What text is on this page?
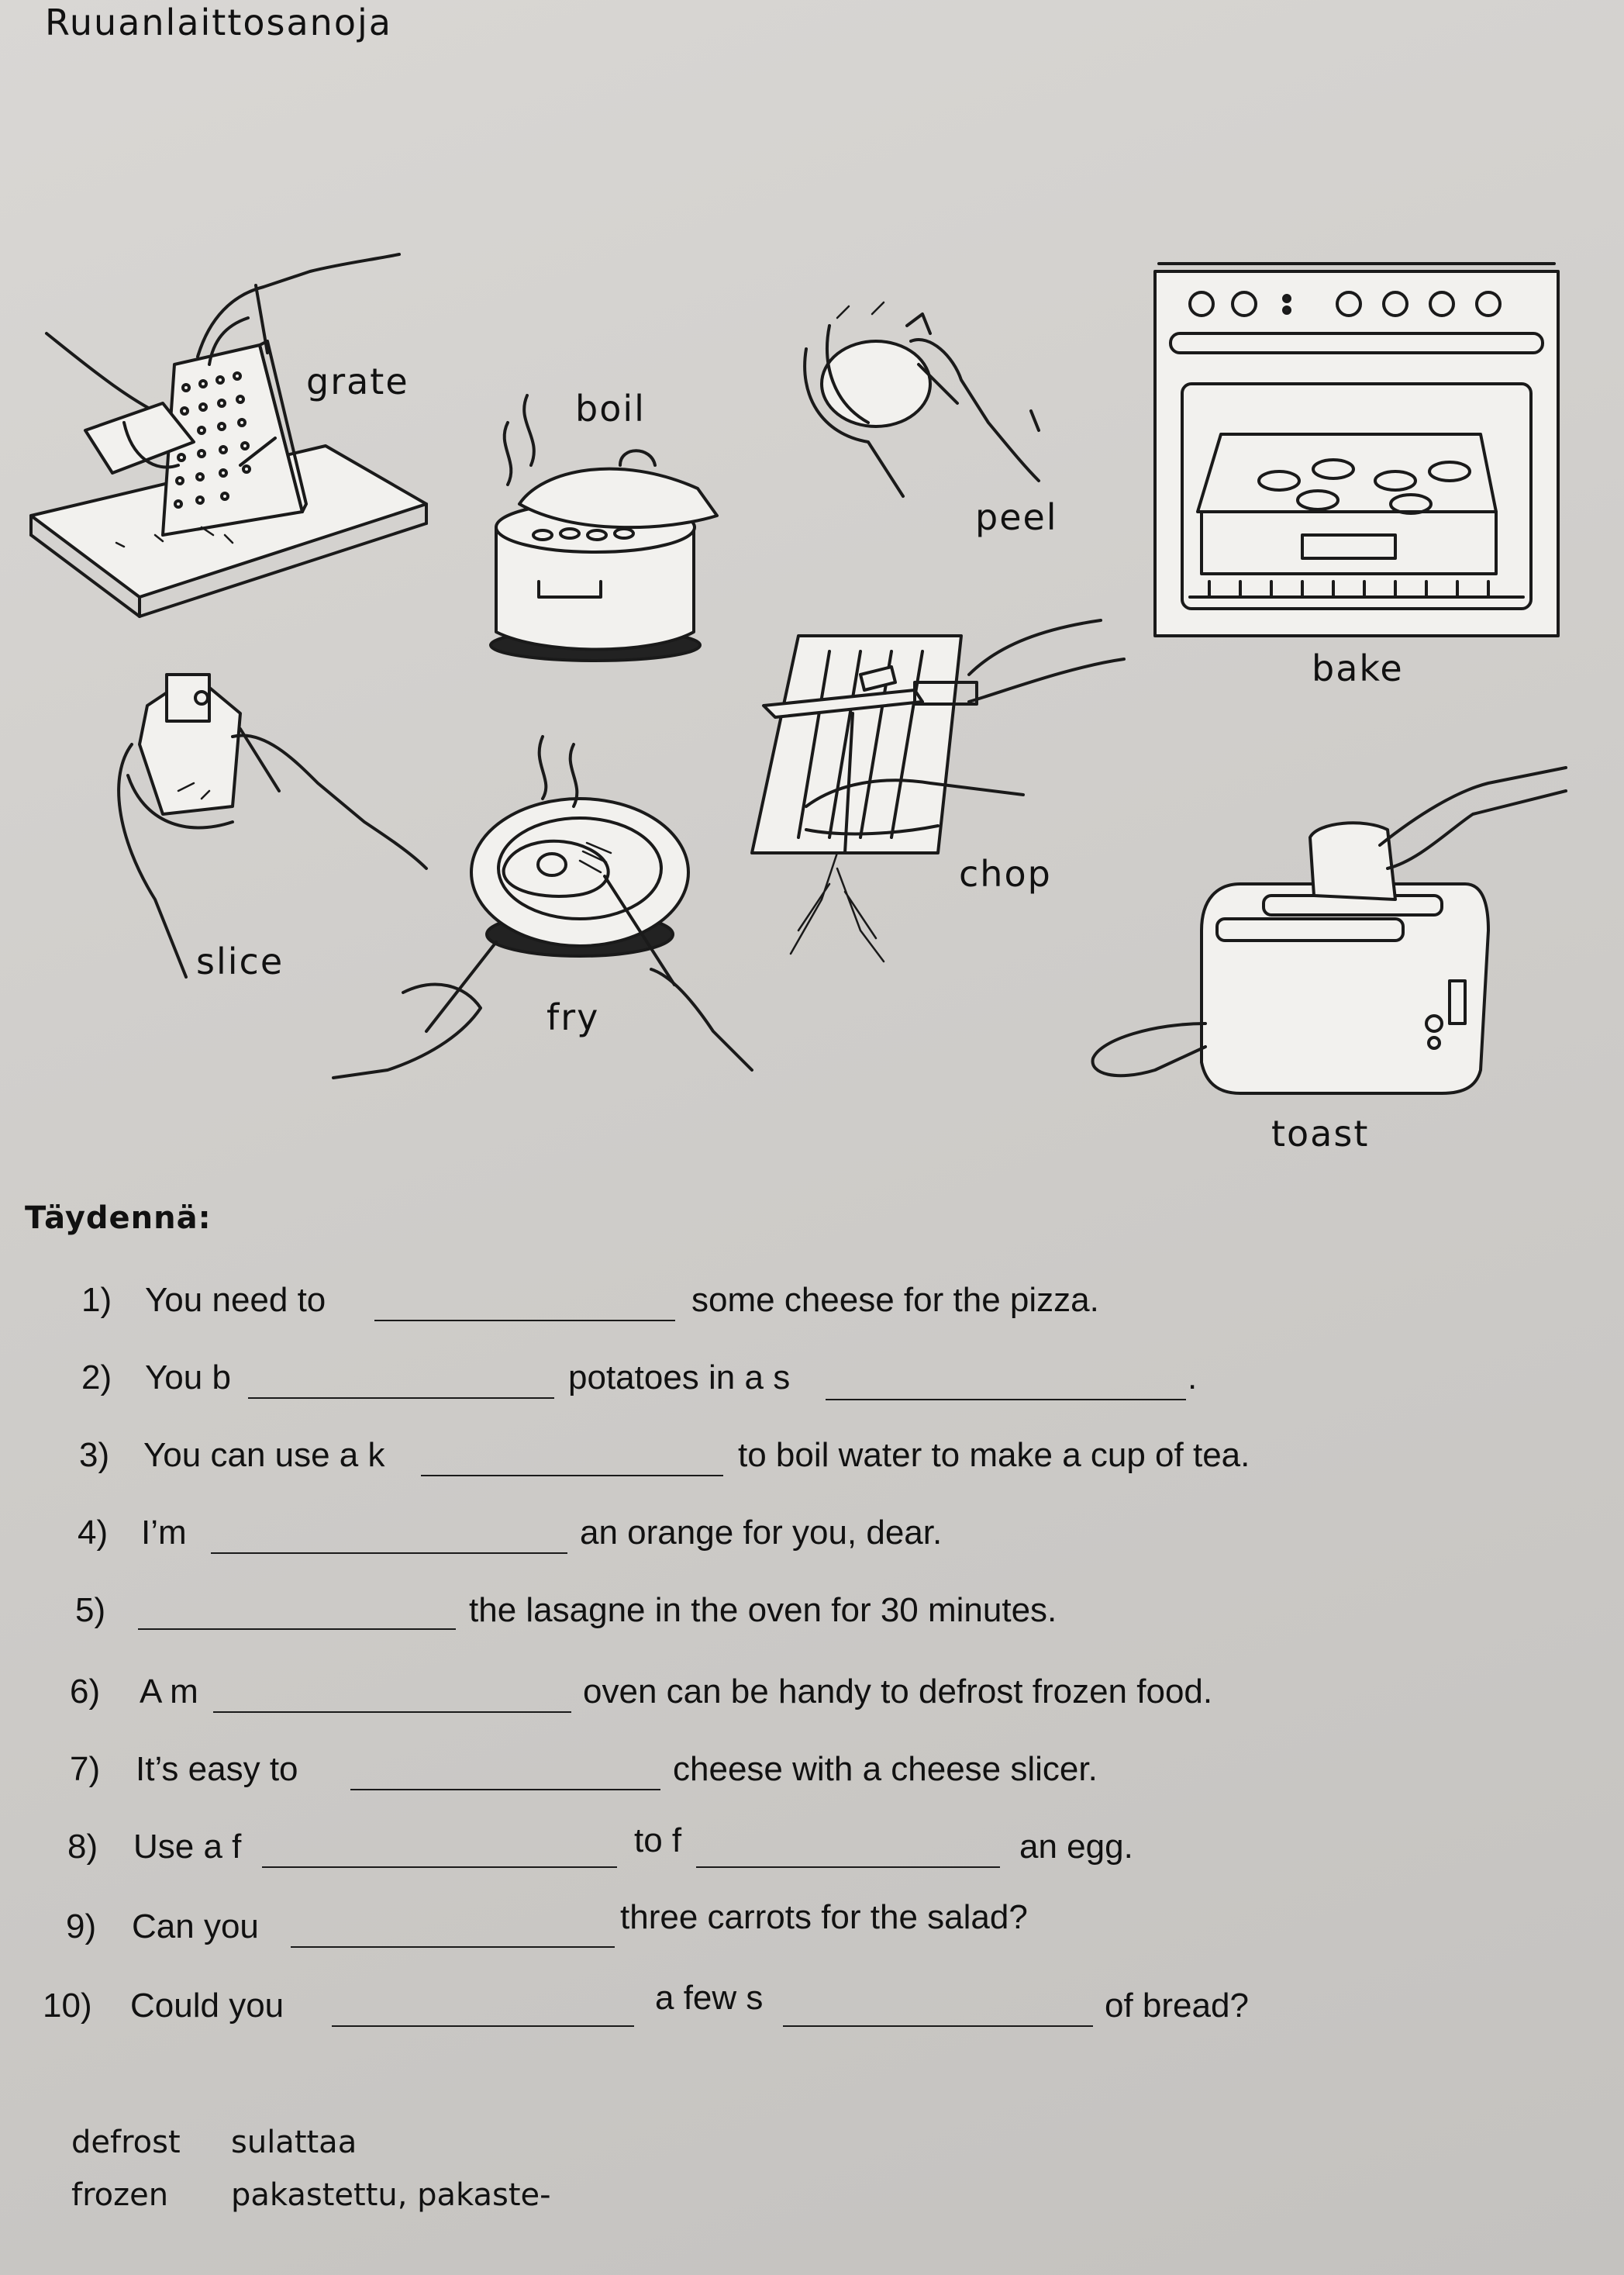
Ruuanlaittosanoja
grate
boil
peel
bake
slice
fry
chop
toast
Täydennä:
1) You need to	some cheese for the pizza.
2) You b	potatoes in a s	.
3) You can use a k	to boil water to make a cup of tea.
4) I’m	an orange for you, dear.
5)	the lasagne in the oven for 30 minutes.
6) A m	oven can be handy to defrost frozen food.
7) It’s easy to	cheese with a cheese slicer.
8) Use a f	to f	an egg.
9) Can you	three carrots for the salad?
10) Could you	a few s	of bread?
defrost sulattaa
frozen pakastettu, pakaste-
